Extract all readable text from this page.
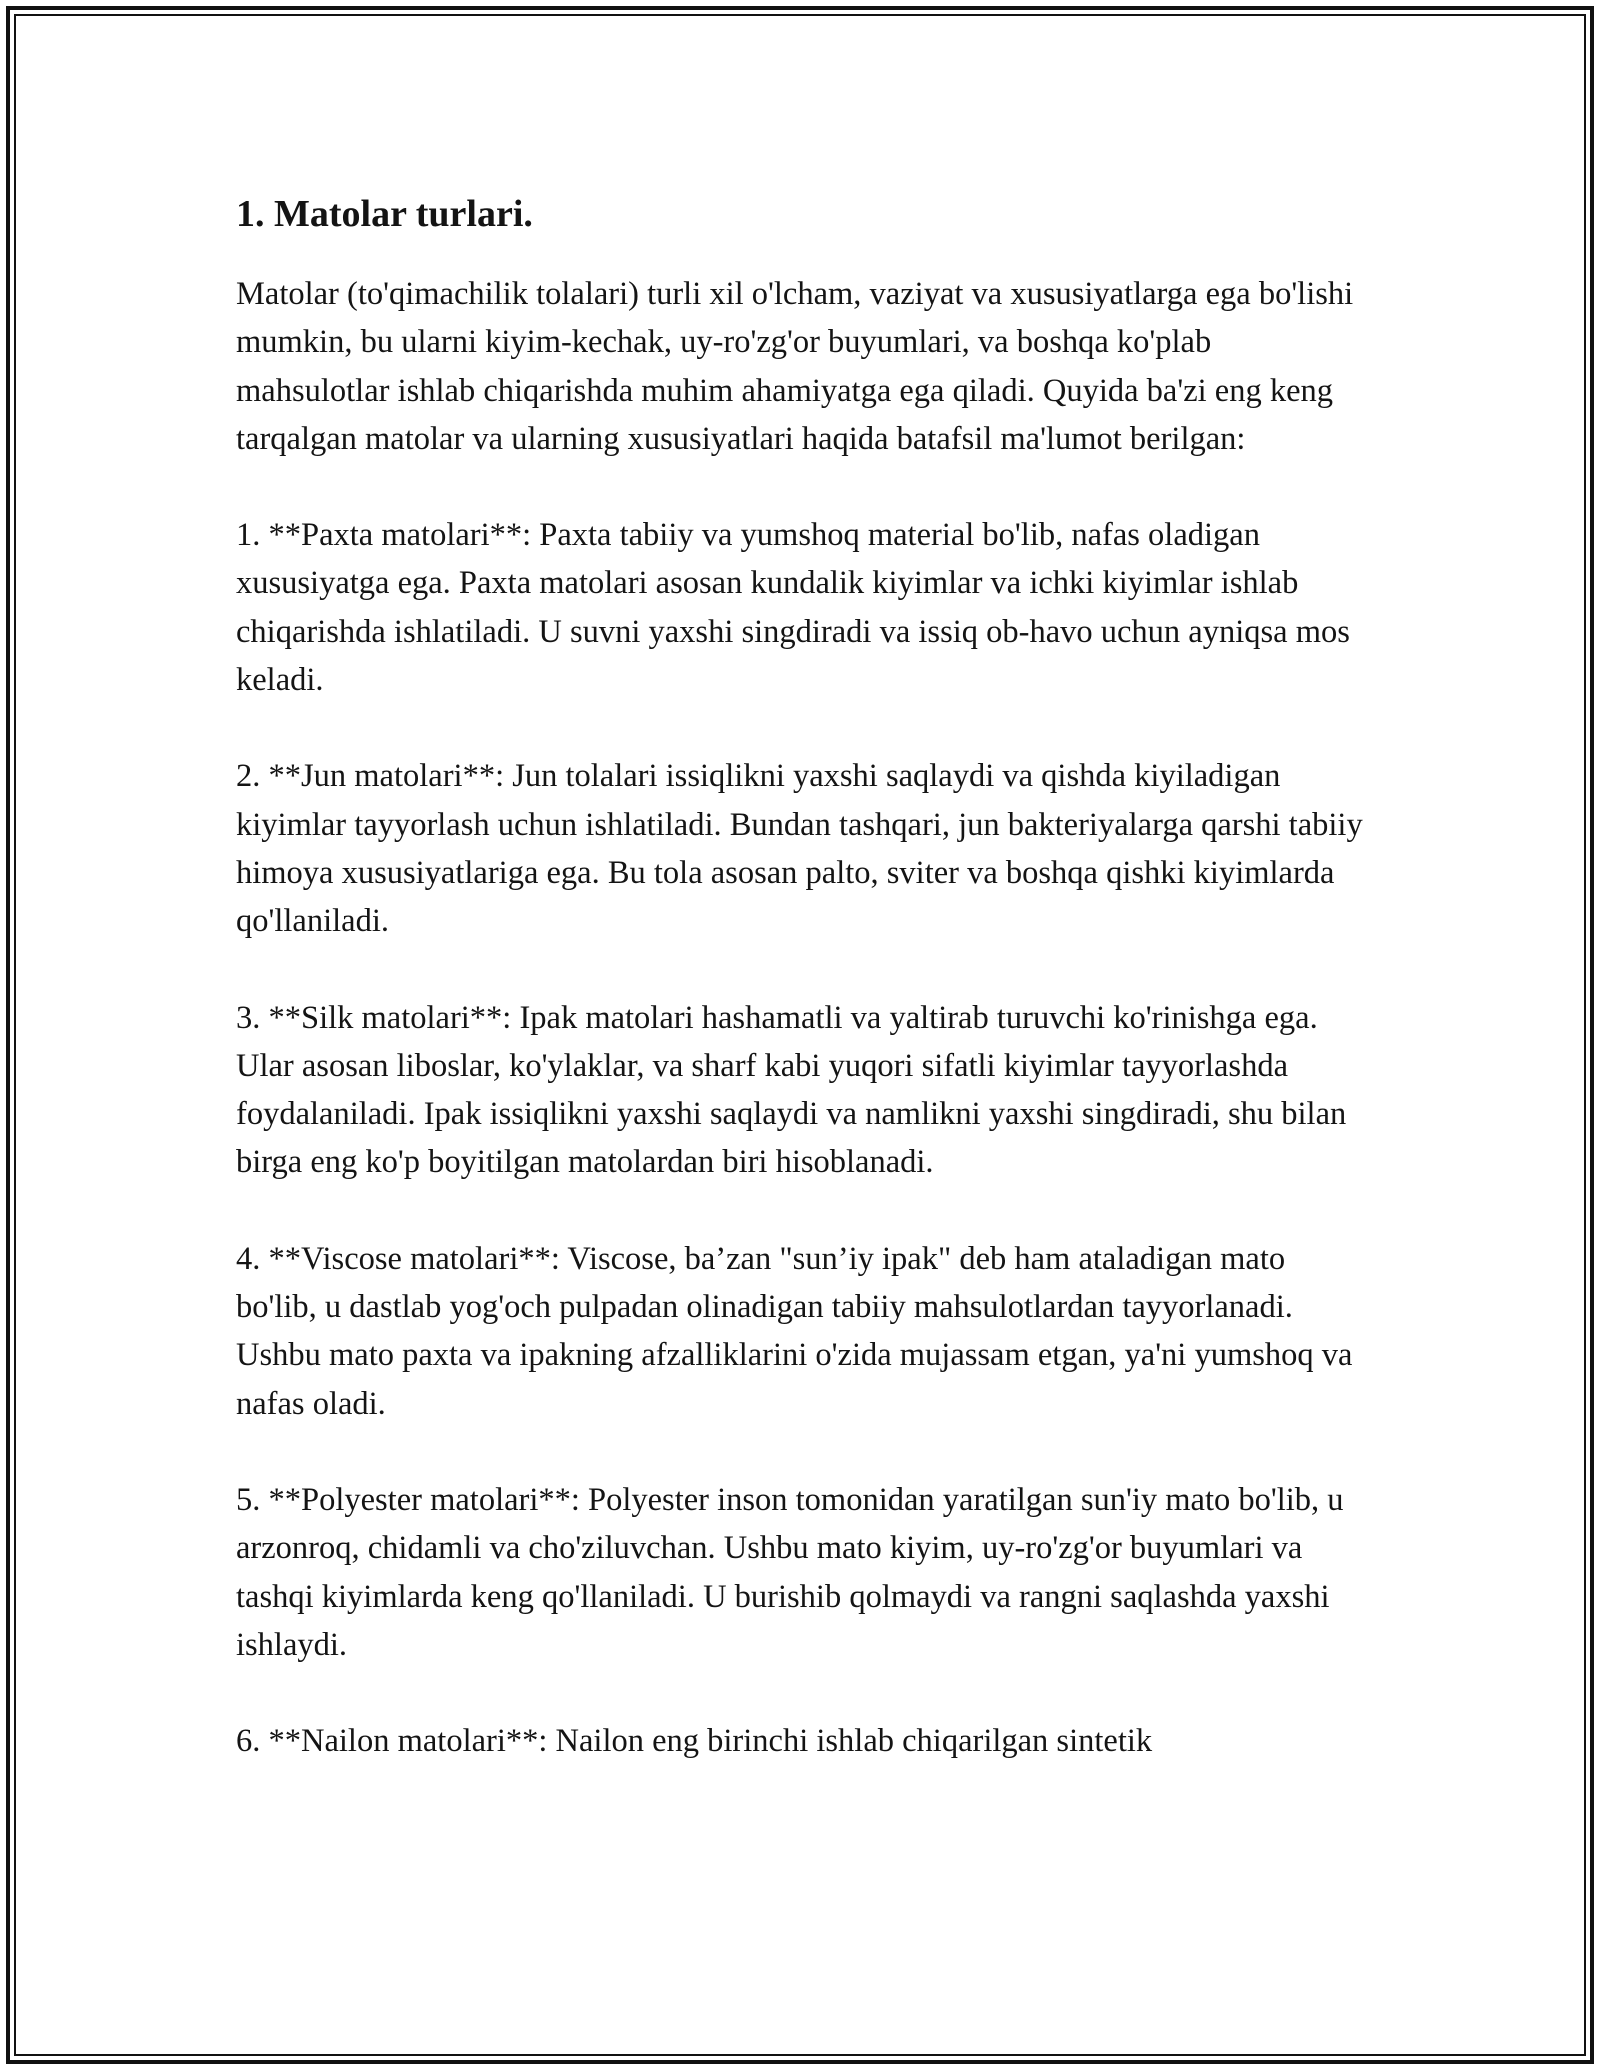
1. Matolar turlari.

Matolar (to'qimachilik tolalari) turli xil o'lcham, vaziyat va xususiyatlarga ega bo'lishi mumkin, bu ularni kiyim-kechak, uy-ro'zg'or buyumlari, va boshqa ko'plab mahsulotlar ishlab chiqarishda muhim ahamiyatga ega qiladi. Quyida ba'zi eng keng tarqalgan matolar va ularning xususiyatlari haqida batafsil ma'lumot berilgan:

1. **Paxta matolari**: Paxta tabiiy va yumshoq material bo'lib, nafas oladigan xususiyatga ega. Paxta matolari asosan kundalik kiyimlar va ichki kiyimlar ishlab chiqarishda ishlatiladi. U suvni yaxshi singdiradi va issiq ob-havo uchun ayniqsa mos keladi.

2. **Jun matolari**: Jun tolalari issiqlikni yaxshi saqlaydi va qishda kiyiladigan kiyimlar tayyorlash uchun ishlatiladi. Bundan tashqari, jun bakteriyalarga qarshi tabiiy himoya xususiyatlariga ega. Bu tola asosan palto, sviter va boshqa qishki kiyimlarda qo'llaniladi.

3. **Silk matolari**: Ipak matolari hashamatli va yaltirab turuvchi ko'rinishga ega. Ular asosan liboslar, ko'ylaklar, va sharf kabi yuqori sifatli kiyimlar tayyorlashda foydalaniladi. Ipak issiqlikni yaxshi saqlaydi va namlikni yaxshi singdiradi, shu bilan birga eng ko'p boyitilgan matolardan biri hisoblanadi.

4. **Viscose matolari**: Viscose, ba’zan "sun’iy ipak" deb ham ataladigan mato bo'lib, u dastlab yog'och pulpadan olinadigan tabiiy mahsulotlardan tayyorlanadi. Ushbu mato paxta va ipakning afzalliklarini o'zida mujassam etgan, ya'ni yumshoq va nafas oladi.

5. **Polyester matolari**: Polyester inson tomonidan yaratilgan sun'iy mato bo'lib, u arzonroq, chidamli va cho'ziluvchan. Ushbu mato kiyim, uy-ro'zg'or buyumlari va tashqi kiyimlarda keng qo'llaniladi. U burishib qolmaydi va rangni saqlashda yaxshi ishlaydi.

6. **Nailon matolari**: Nailon eng birinchi ishlab chiqarilgan sintetik
